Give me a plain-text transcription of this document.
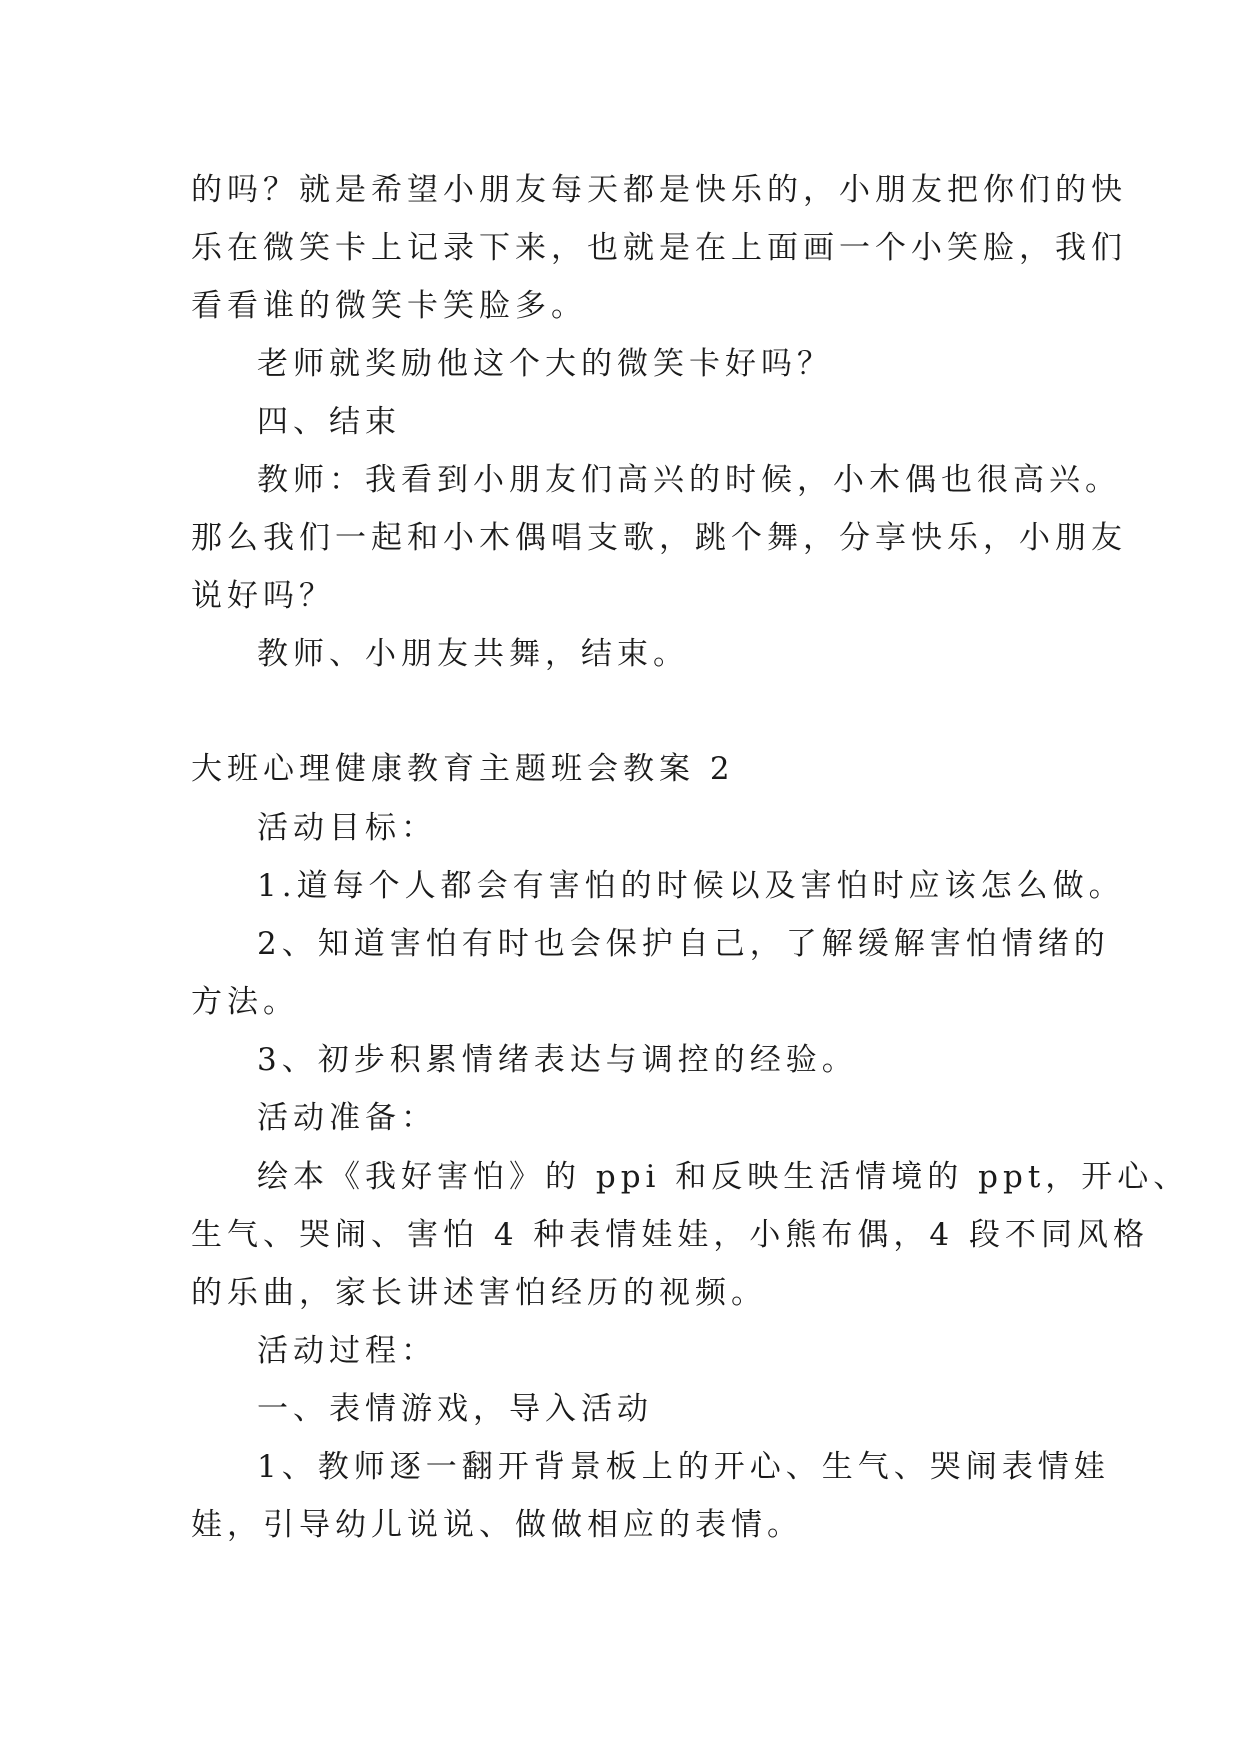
的吗？就是希望小朋友每天都是快乐的，小朋友把你们的快
乐在微笑卡上记录下来，也就是在上面画一个小笑脸，我们
看看谁的微笑卡笑脸多。
老师就奖励他这个大的微笑卡好吗？
四、结束
教师：我看到小朋友们高兴的时候，小木偶也很高兴。
那么我们一起和小木偶唱支歌，跳个舞，分享快乐，小朋友
说好吗？
教师、小朋友共舞，结束。
大班心理健康教育主题班会教案 2
活动目标：
1.道每个人都会有害怕的时候以及害怕时应该怎么做。
2、知道害怕有时也会保护自己，了解缓解害怕情绪的
方法。
3、初步积累情绪表达与调控的经验。
活动准备：
绘本《我好害怕》的 ppi 和反映生活情境的 ppt，开心、
生气、哭闹、害怕 4 种表情娃娃，小熊布偶，4 段不同风格
的乐曲，家长讲述害怕经历的视频。
活动过程：
一、表情游戏，导入活动
1、教师逐一翻开背景板上的开心、生气、哭闹表情娃
娃，引导幼儿说说、做做相应的表情。
